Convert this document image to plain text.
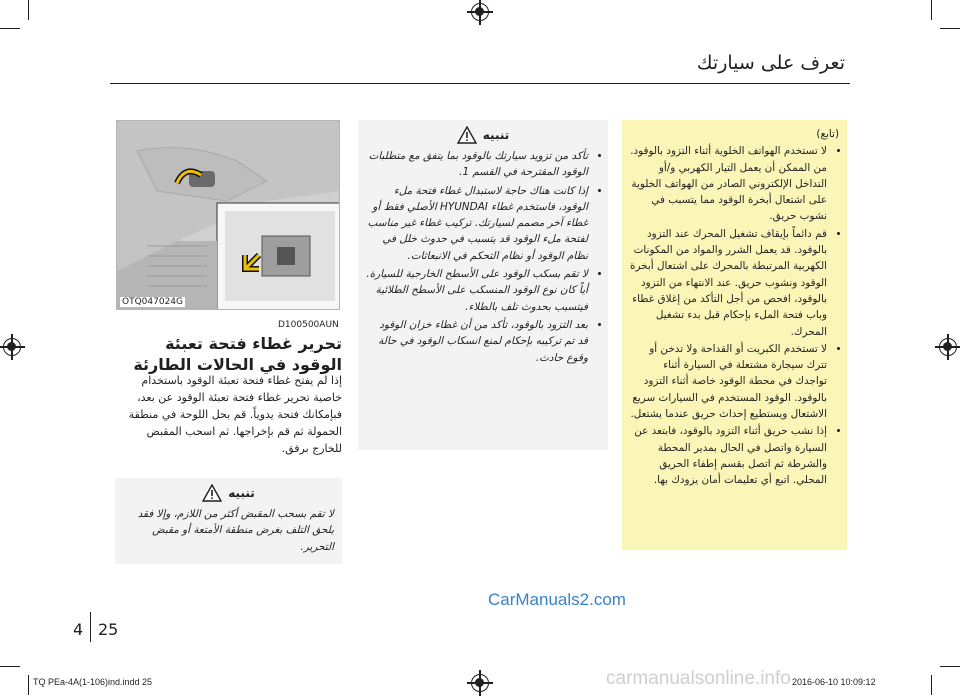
تعرف على سيارتك
(تابع)
• لا تستخدم الهواتف الخلوية أثناء التزود بالوقود. من الممكن أن يعمل التيار الكهربي و/أو التداخل الإلكتروني الصادر من الهواتف الخلوية على اشتعال أبخرة الوقود مما يتسبب في نشوب حريق.
• قم دائماً بإيقاف تشغيل المحرك عند التزود بالوقود. قد يعمل الشرر والمواد من المكونات الكهربية المرتبطة بالمحرك على اشتعال أبخرة الوقود ونشوب حريق. عند الانتهاء من التزود بالوقود، افحص من أجل التأكد من إغلاق غطاء وباب فتحة الملء بإحكام قبل بدء تشغيل المحرك.
• لا تستخدم الكبريت أو القداحة ولا تدخن أو تترك سيجارة مشتعلة في السيارة أثناء تواجدك في محطة الوقود خاصة أثناء التزود بالوقود. الوقود المستخدم في السيارات سريع الاشتعال ويستطيع إحداث حريق عندما يشتعل.
• إذا نشب حريق أثناء التزود بالوقود، فابتعد عن السيارة واتصل في الحال بمدير المحطة والشرطة ثم اتصل بقسم إطفاء الحريق المحلي. اتبع أي تعليمات أمان يزودك بها.
تنبيه
• تأكد من تزويد سيارتك بالوقود بما يتفق مع متطلبات الوقود المقترحة في القسم 1.
• إذا كانت هناك حاجة لاستبدال غطاء فتحة ملء الوقود، فاستخدم غطاء HYUNDAI الأصلي فقط أو غطاء آخر مصمم لسيارتك. تركيب غطاء غير مناسب لفتحة ملء الوقود قد يتسبب في حدوث خلل في نظام الوقود أو نظام التحكم في الانبعاثات.
• لا تقم بسكب الوقود على الأسطح الخارجية للسيارة. أياً كان نوع الوقود المنسكب على الأسطح الطلائية فيتسبب بحدوث تلف بالطلاء.
• بعد التزود بالوقود، تأكد من أن غطاء خزان الوقود قد تم تركيبه بإحكام لمنع انسكاب الوقود في حالة وقوع حادث.
OTQ047024G
D100500AUN
تحرير غطاء فتحة تعبئة الوقود في الحالات الطارئة
إذا لم يفتح غطاء فتحة تعبئة الوقود باستخدام خاصية تحرير غطاء فتحة تعبئة الوقود عن بعد، فبإمكانك فتحة يدوياً. قم بحل اللوحة في منطقة الحمولة ثم قم بإخراجها. ثم اسحب المقبض للخارج برفق.
تنبيه
لا تقم بسحب المقبض أكثر من اللازم، وإلا فقد يلحق التلف بغرض منطقة الأمتعة أو مقبض التحرير.
4 25
CarManuals2.com
TQ PEa-4A(1-106)ind.indd 25	carmanualsonline.info 2016-06-10 10:09:12
